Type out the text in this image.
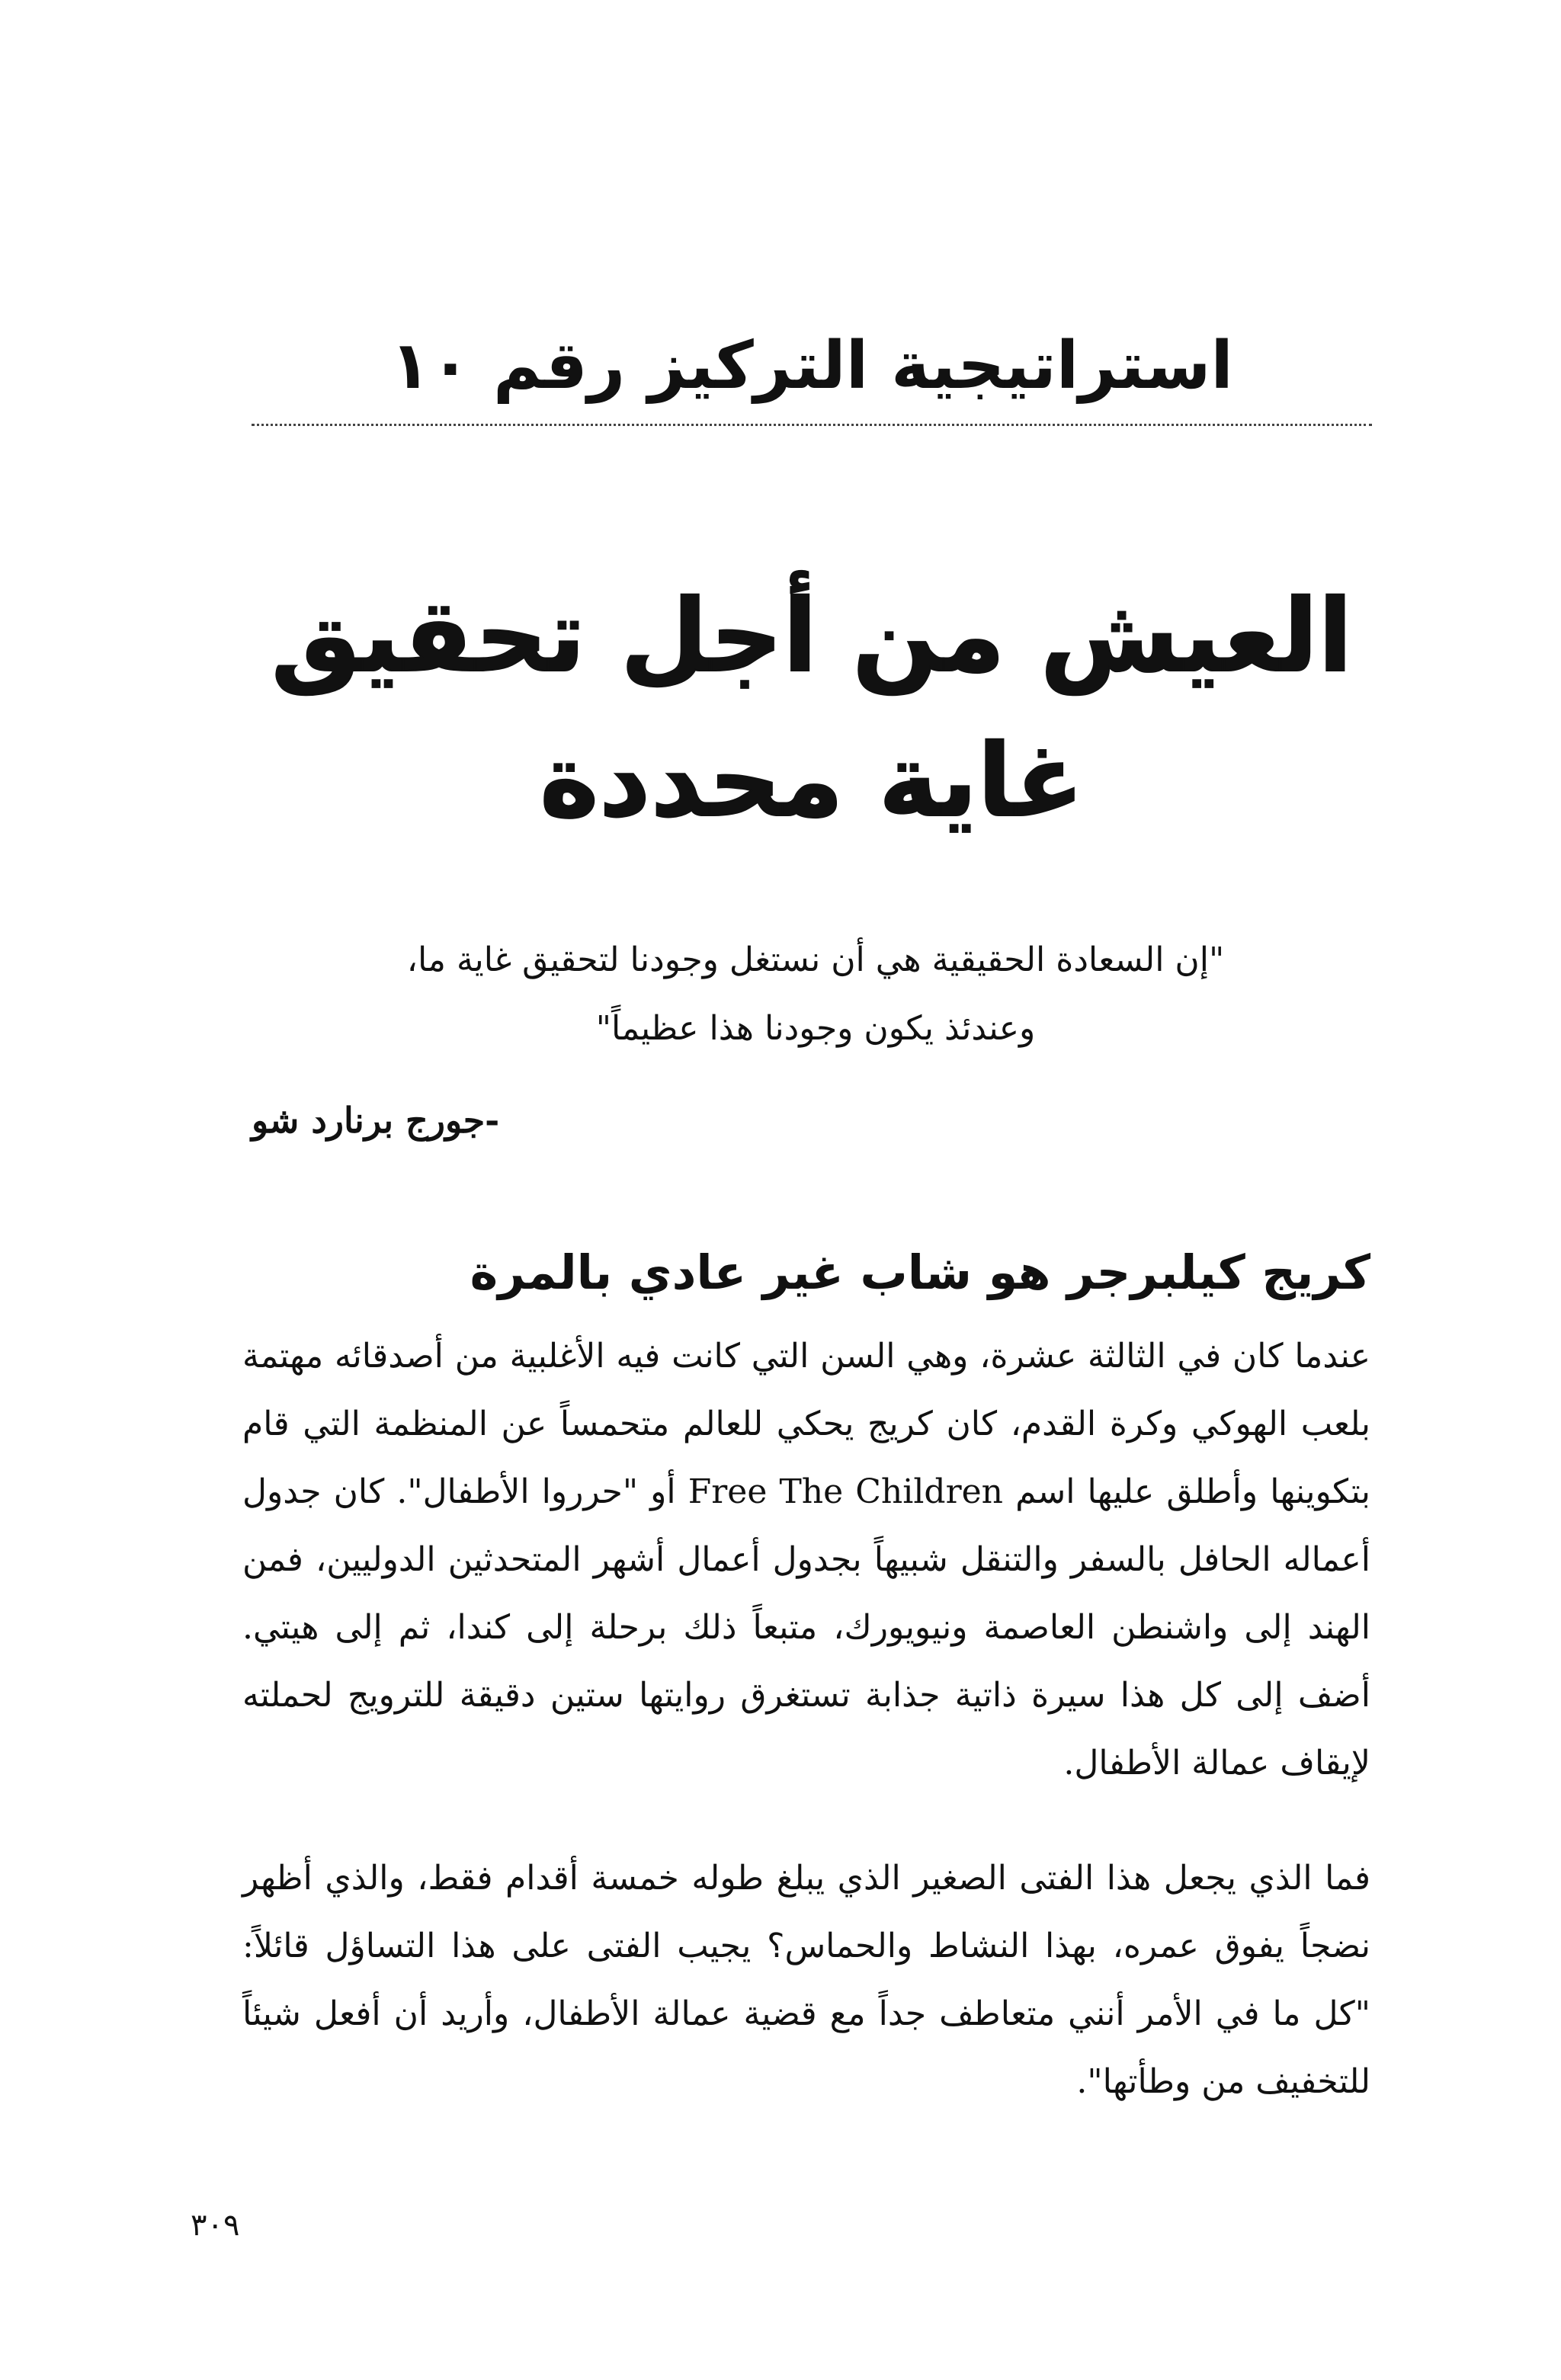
استراتيجية التركيز رقم ١٠
العيش من أجل تحقيق
غاية محددة
"إن السعادة الحقيقية هي أن نستغل وجودنا لتحقيق غاية ما،
وعندئذ يكون وجودنا هذا عظيماً"
-جورج برنارد شو
كريج كيلبرجر هو شاب غير عادي بالمرة
عندما كان في الثالثة عشرة، وهي السن التي كانت فيه الأغلبية من أصدقائه مهتمة بلعب الهوكي وكرة القدم، كان كريج يحكي للعالم متحمساً عن المنظمة التي قام بتكوينها وأطلق عليها اسم Free The Children أو "حرروا الأطفال". كان جدول أعماله الحافل بالسفر والتنقل شبيهاً بجدول أعمال أشهر المتحدثين الدوليين، فمن الهند إلى واشنطن العاصمة ونيويورك، متبعاً ذلك برحلة إلى كندا، ثم إلى هيتي. أضف إلى كل هذا سيرة ذاتية جذابة تستغرق روايتها ستين دقيقة للترويج لحملته لإيقاف عمالة الأطفال.
فما الذي يجعل هذا الفتى الصغير الذي يبلغ طوله خمسة أقدام فقط، والذي أظهر نضجاً يفوق عمره، بهذا النشاط والحماس؟ يجيب الفتى على هذا التساؤل قائلاً: "كل ما في الأمر أنني متعاطف جداً مع قضية عمالة الأطفال، وأريد أن أفعل شيئاً للتخفيف من وطأتها".
٣٠٩
